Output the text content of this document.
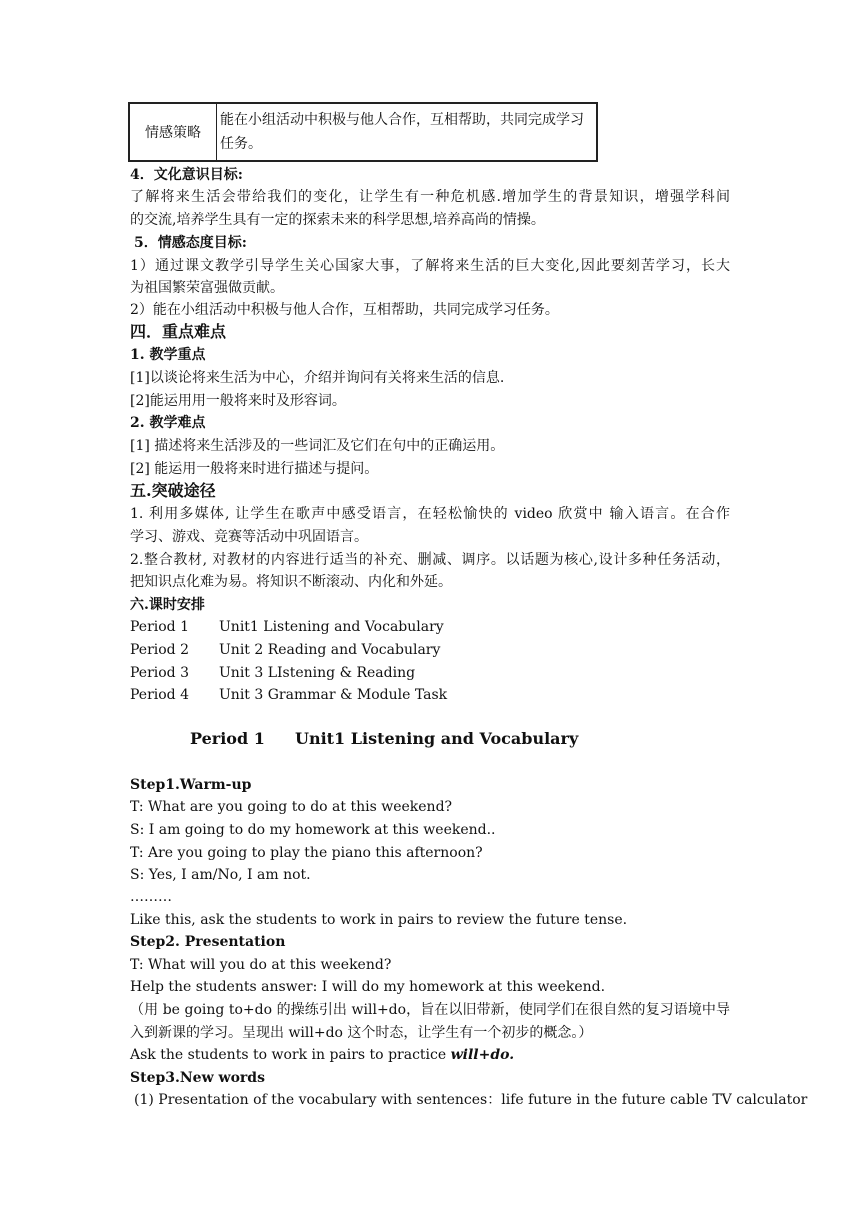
情感策略
能在小组活动中积极与他人合作，互相帮助，共同完成学习任务。
4．文化意识目标:
了解将来生活会带给我们的变化，让学生有一种危机感.增加学生的背景知识，增强学科间
的交流,培养学生具有一定的探索未来的科学思想,培养高尚的情操。
5．情感态度目标:
1）通过课文教学引导学生关心国家大事，了解将来生活的巨大变化,因此要刻苦学习，长大
为祖国繁荣富强做贡献。
2）能在小组活动中积极与他人合作，互相帮助，共同完成学习任务。
四．重点难点
1. 教学重点
[1]以谈论将来生活为中心，介绍并询问有关将来生活的信息.
[2]能运用用一般将来时及形容词。
2. 教学难点
[1] 描述将来生活涉及的一些词汇及它们在句中的正确运用。
[2] 能运用一般将来时进行描述与提问。
五.突破途径
1. 利用多媒体, 让学生在歌声中感受语言，在轻松愉快的 video 欣赏中 输入语言。在合作
学习、游戏、竞赛等活动中巩固语言。
2.整合教材, 对教材的内容进行适当的补充、删减、调序。以话题为核心,设计多种任务活动，
把知识点化难为易。将知识不断滚动、内化和外延。
六.课时安排
Period 1 Unit1 Listening and Vocabulary
Period 2 Unit 2 Reading and Vocabulary
Period 3 Unit 3 LIstening & Reading
Period 4 Unit 3 Grammar & Module Task
Period 1 Unit1 Listening and Vocabulary
Step1.Warm-up
T: What are you going to do at this weekend?
S: I am going to do my homework at this weekend..
T: Are you going to play the piano this afternoon?
S: Yes, I am/No, I am not.
………
Like this, ask the students to work in pairs to review the future tense.
Step2. Presentation
T: What will you do at this weekend?
Help the students answer: I will do my homework at this weekend.
（用 be going to+do 的操练引出 will+do，旨在以旧带新，使同学们在很自然的复习语境中导
入到新课的学习。呈现出 will+do 这个时态，让学生有一个初步的概念。）
Ask the students to work in pairs to practice will+do.
Step3.New words
(1) Presentation of the vocabulary with sentences：life future in the future cable TV calculator
